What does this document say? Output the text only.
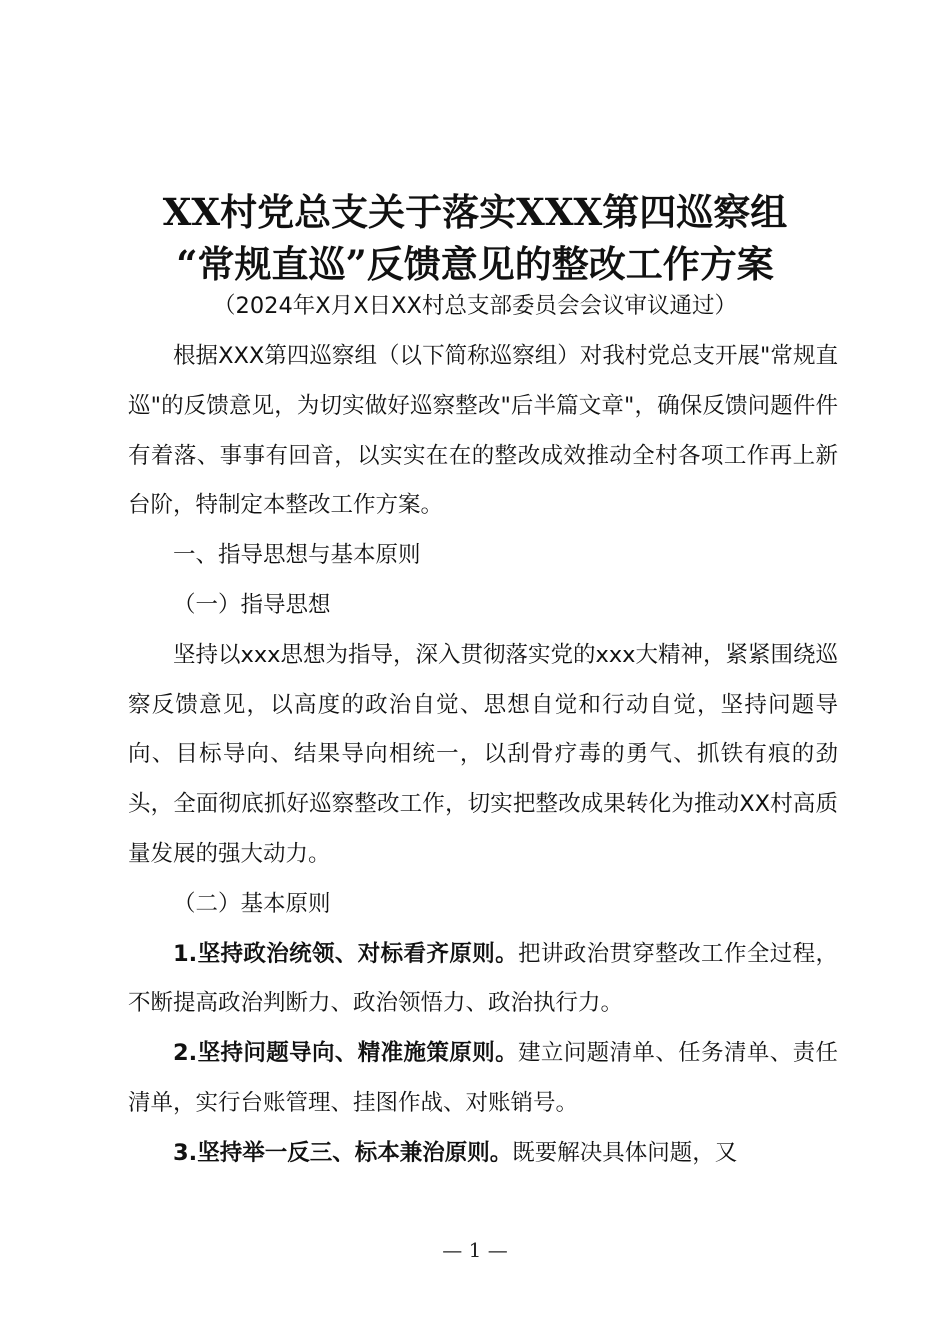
XX村党总支关于落实XXX第四巡察组
“常规直巡”反馈意见的整改工作方案
（2024年X月X日XX村总支部委员会会议审议通过）

根据XXX第四巡察组（以下简称巡察组）对我村党总支开展"常规直巡"的反馈意见，为切实做好巡察整改"后半篇文章"，确保反馈问题件件有着落、事事有回音，以实实在在的整改成效推动全村各项工作再上新台阶，特制定本整改工作方案。

一、指导思想与基本原则

（一）指导思想

坚持以xxx思想为指导，深入贯彻落实党的xxx大精神，紧紧围绕巡察反馈意见，以高度的政治自觉、思想自觉和行动自觉，坚持问题导向、目标导向、结果导向相统一，以刮骨疗毒的勇气、抓铁有痕的劲头，全面彻底抓好巡察整改工作，切实把整改成果转化为推动XX村高质量发展的强大动力。

（二）基本原则

1.坚持政治统领、对标看齐原则。把讲政治贯穿整改工作全过程，不断提高政治判断力、政治领悟力、政治执行力。

2.坚持问题导向、精准施策原则。建立问题清单、任务清单、责任清单，实行台账管理、挂图作战、对账销号。

3.坚持举一反三、标本兼治原则。既要解决具体问题，又

— 1 —
